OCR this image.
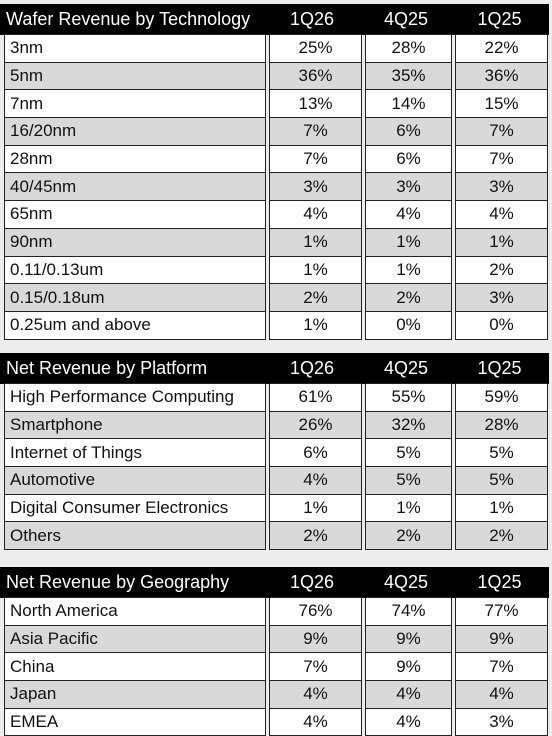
Wafer Revenue by Technology	1Q26	4Q25	1Q25
3nm	25%	28%	22%
5nm	36%	35%	36%
7nm	13%	14%	15%
16/20nm	7%	6%	7%
28nm	7%	6%	7%
40/45nm	3%	3%	3%
65nm	4%	4%	4%
90nm	1%	1%	1%
0.11/0.13um	1%	1%	2%
0.15/0.18um	2%	2%	3%
0.25um and above	1%	0%	0%
Net Revenue by Platform	1Q26	4Q25	1Q25
High Performance Computing	61%	55%	59%
Smartphone	26%	32%	28%
Internet of Things	6%	5%	5%
Automotive	4%	5%	5%
Digital Consumer Electronics	1%	1%	1%
Others	2%	2%	2%
Net Revenue by Geography	1Q26	4Q25	1Q25
North America	76%	74%	77%
Asia Pacific	9%	9%	9%
China	7%	9%	7%
Japan	4%	4%	4%
EMEA	4%	4%	3%
